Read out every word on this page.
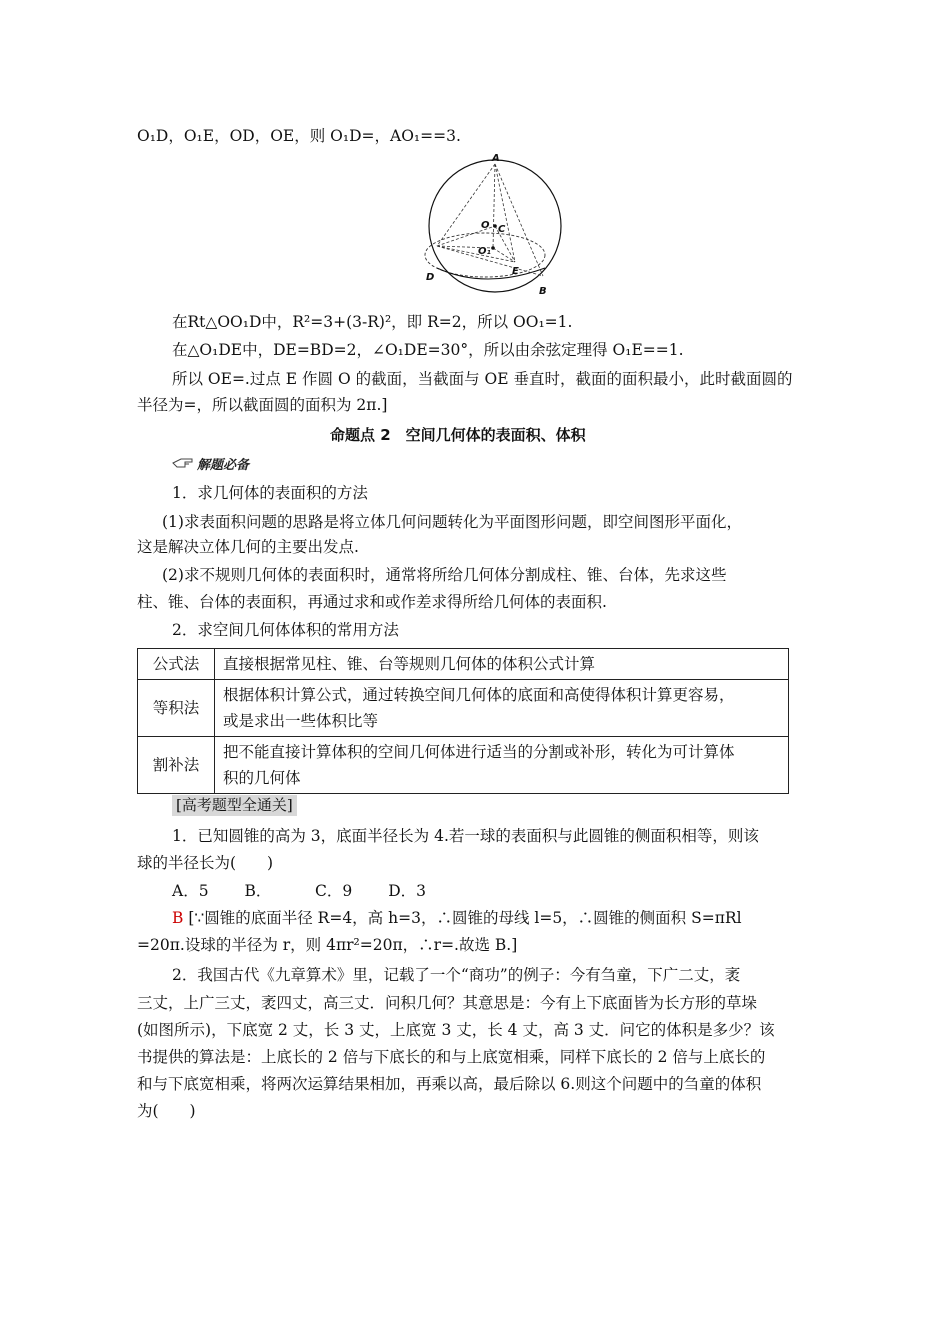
O₁D，O₁E，OD，OE，则 O₁D=，AO₁==3.
A
O C
O₁
D
E
B
在Rt△OO₁D中，R²=3+(3-R)²，即 R=2，所以 OO₁=1.
在△O₁DE中，DE=BD=2，∠O₁DE=30°，所以由余弦定理得 O₁E==1.
所以 OE=.过点 E 作圆 O 的截面，当截面与 OE 垂直时，截面的面积最小，此时截面圆的
半径为=，所以截面圆的面积为 2π.]
命题点 2　空间几何体的表面积、体积
解题必备
1．求几何体的表面积的方法
(1)求表面积问题的思路是将立体几何问题转化为平面图形问题，即空间图形平面化，
这是解决立体几何的主要出发点.
(2)求不规则几何体的表面积时，通常将所给几何体分割成柱、锥、台体，先求这些
柱、锥、台体的表面积，再通过求和或作差求得所给几何体的表面积.
2．求空间几何体体积的常用方法
公式法	直接根据常见柱、锥、台等规则几何体的体积公式计算
等积法	根据体积计算公式，通过转换空间几何体的底面和高使得体积计算更容易，
或是求出一些体积比等
割补法	把不能直接计算体积的空间几何体进行适当的分割或补形，转化为可计算体
积的几何体
[高考题型全通关]
1．已知圆锥的高为 3，底面半径长为 4.若一球的表面积与此圆锥的侧面积相等，则该
球的半径长为(　　)
A．5　　 B．　　　 C．9　　 D．3
B [∵圆锥的底面半径 R=4，高 h=3，∴圆锥的母线 l=5，∴圆锥的侧面积 S=πRl
=20π.设球的半径为 r，则 4πr²=20π，∴r=.故选 B.]
2．我国古代《九章算术》里，记载了一个“商功”的例子：今有刍童，下广二丈，袤
三丈，上广三丈，袤四丈，高三丈．问积几何？其意思是：今有上下底面皆为长方形的草垛
(如图所示)，下底宽 2 丈，长 3 丈，上底宽 3 丈，长 4 丈，高 3 丈．问它的体积是多少？该
书提供的算法是：上底长的 2 倍与下底长的和与上底宽相乘，同样下底长的 2 倍与上底长的
和与下底宽相乘，将两次运算结果相加，再乘以高，最后除以 6.则这个问题中的刍童的体积
为(　　)
